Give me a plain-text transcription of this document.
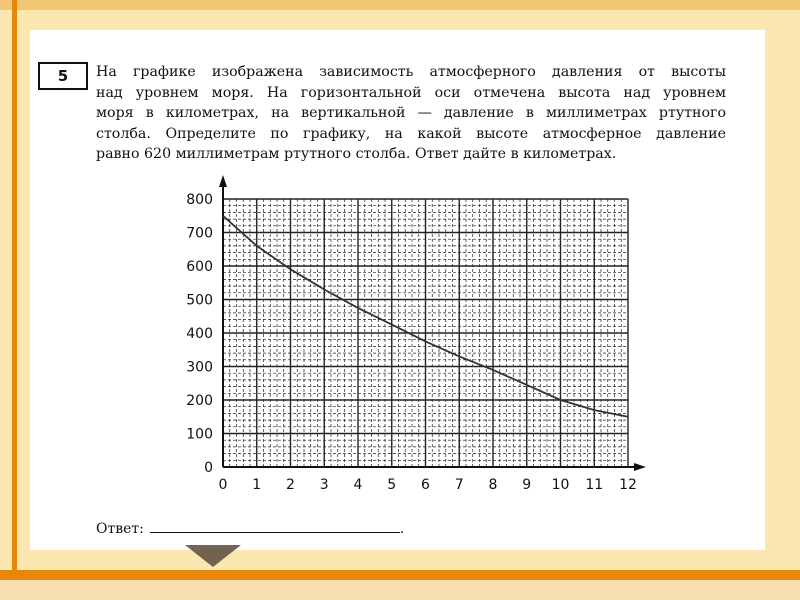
5	На графике изображена зависимость атмосферного давления от высоты
над уровнем моря. На горизонтальной оси отмечена высота над уровнем
моря в километрах, на вертикальной — давление в миллиметрах ртутного
столба. Определите по графику, на какой высоте атмосферное давление
равно 620 миллиметрам ртутного столба. Ответ дайте в километрах.
0 1 2 3 4 5 6 7 8 9 10 11 12
0
100
200
300
400
500
600
700
800
Ответ:	.
